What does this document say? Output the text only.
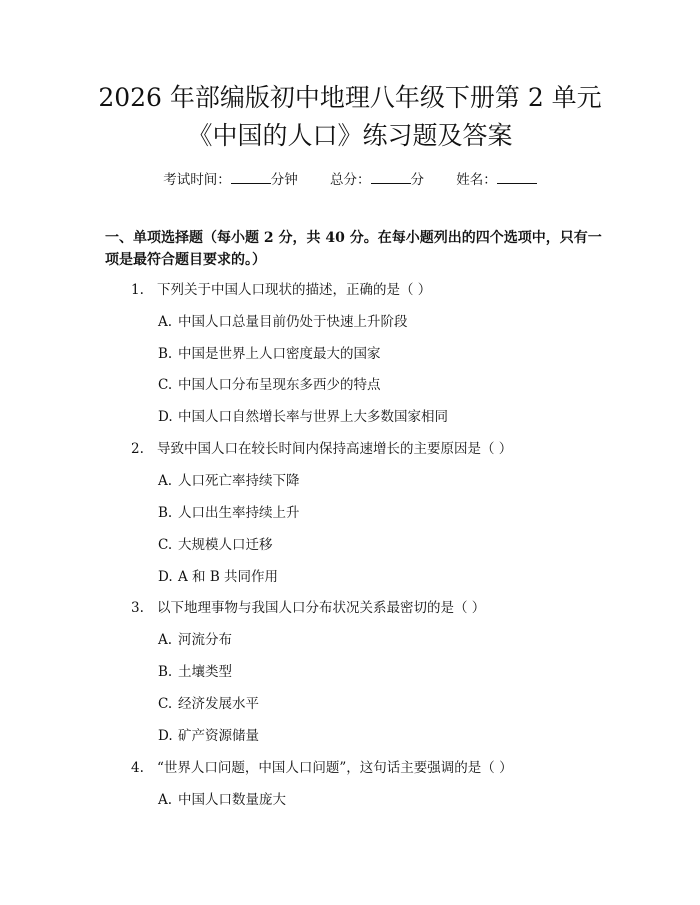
2026 年部编版初中地理八年级下册第 2 单元
《中国的人口》练习题及答案
考试时间：	分钟 总分：	分 姓名：
一、单项选择题（每小题 2 分，共 40 分。在每小题列出的四个选项中，只有一项是最符合题目要求的。）
1. 下列关于中国人口现状的描述，正确的是（ ）
A. 中国人口总量目前仍处于快速上升阶段
B. 中国是世界上人口密度最大的国家
C. 中国人口分布呈现东多西少的特点
D. 中国人口自然增长率与世界上大多数国家相同
2. 导致中国人口在较长时间内保持高速增长的主要原因是（ ）
A. 人口死亡率持续下降
B. 人口出生率持续上升
C. 大规模人口迁移
D. A 和 B 共同作用
3. 以下地理事物与我国人口分布状况关系最密切的是（ ）
A. 河流分布
B. 土壤类型
C. 经济发展水平
D. 矿产资源储量
4. “世界人口问题，中国人口问题”，这句话主要强调的是（ ）
A. 中国人口数量庞大
